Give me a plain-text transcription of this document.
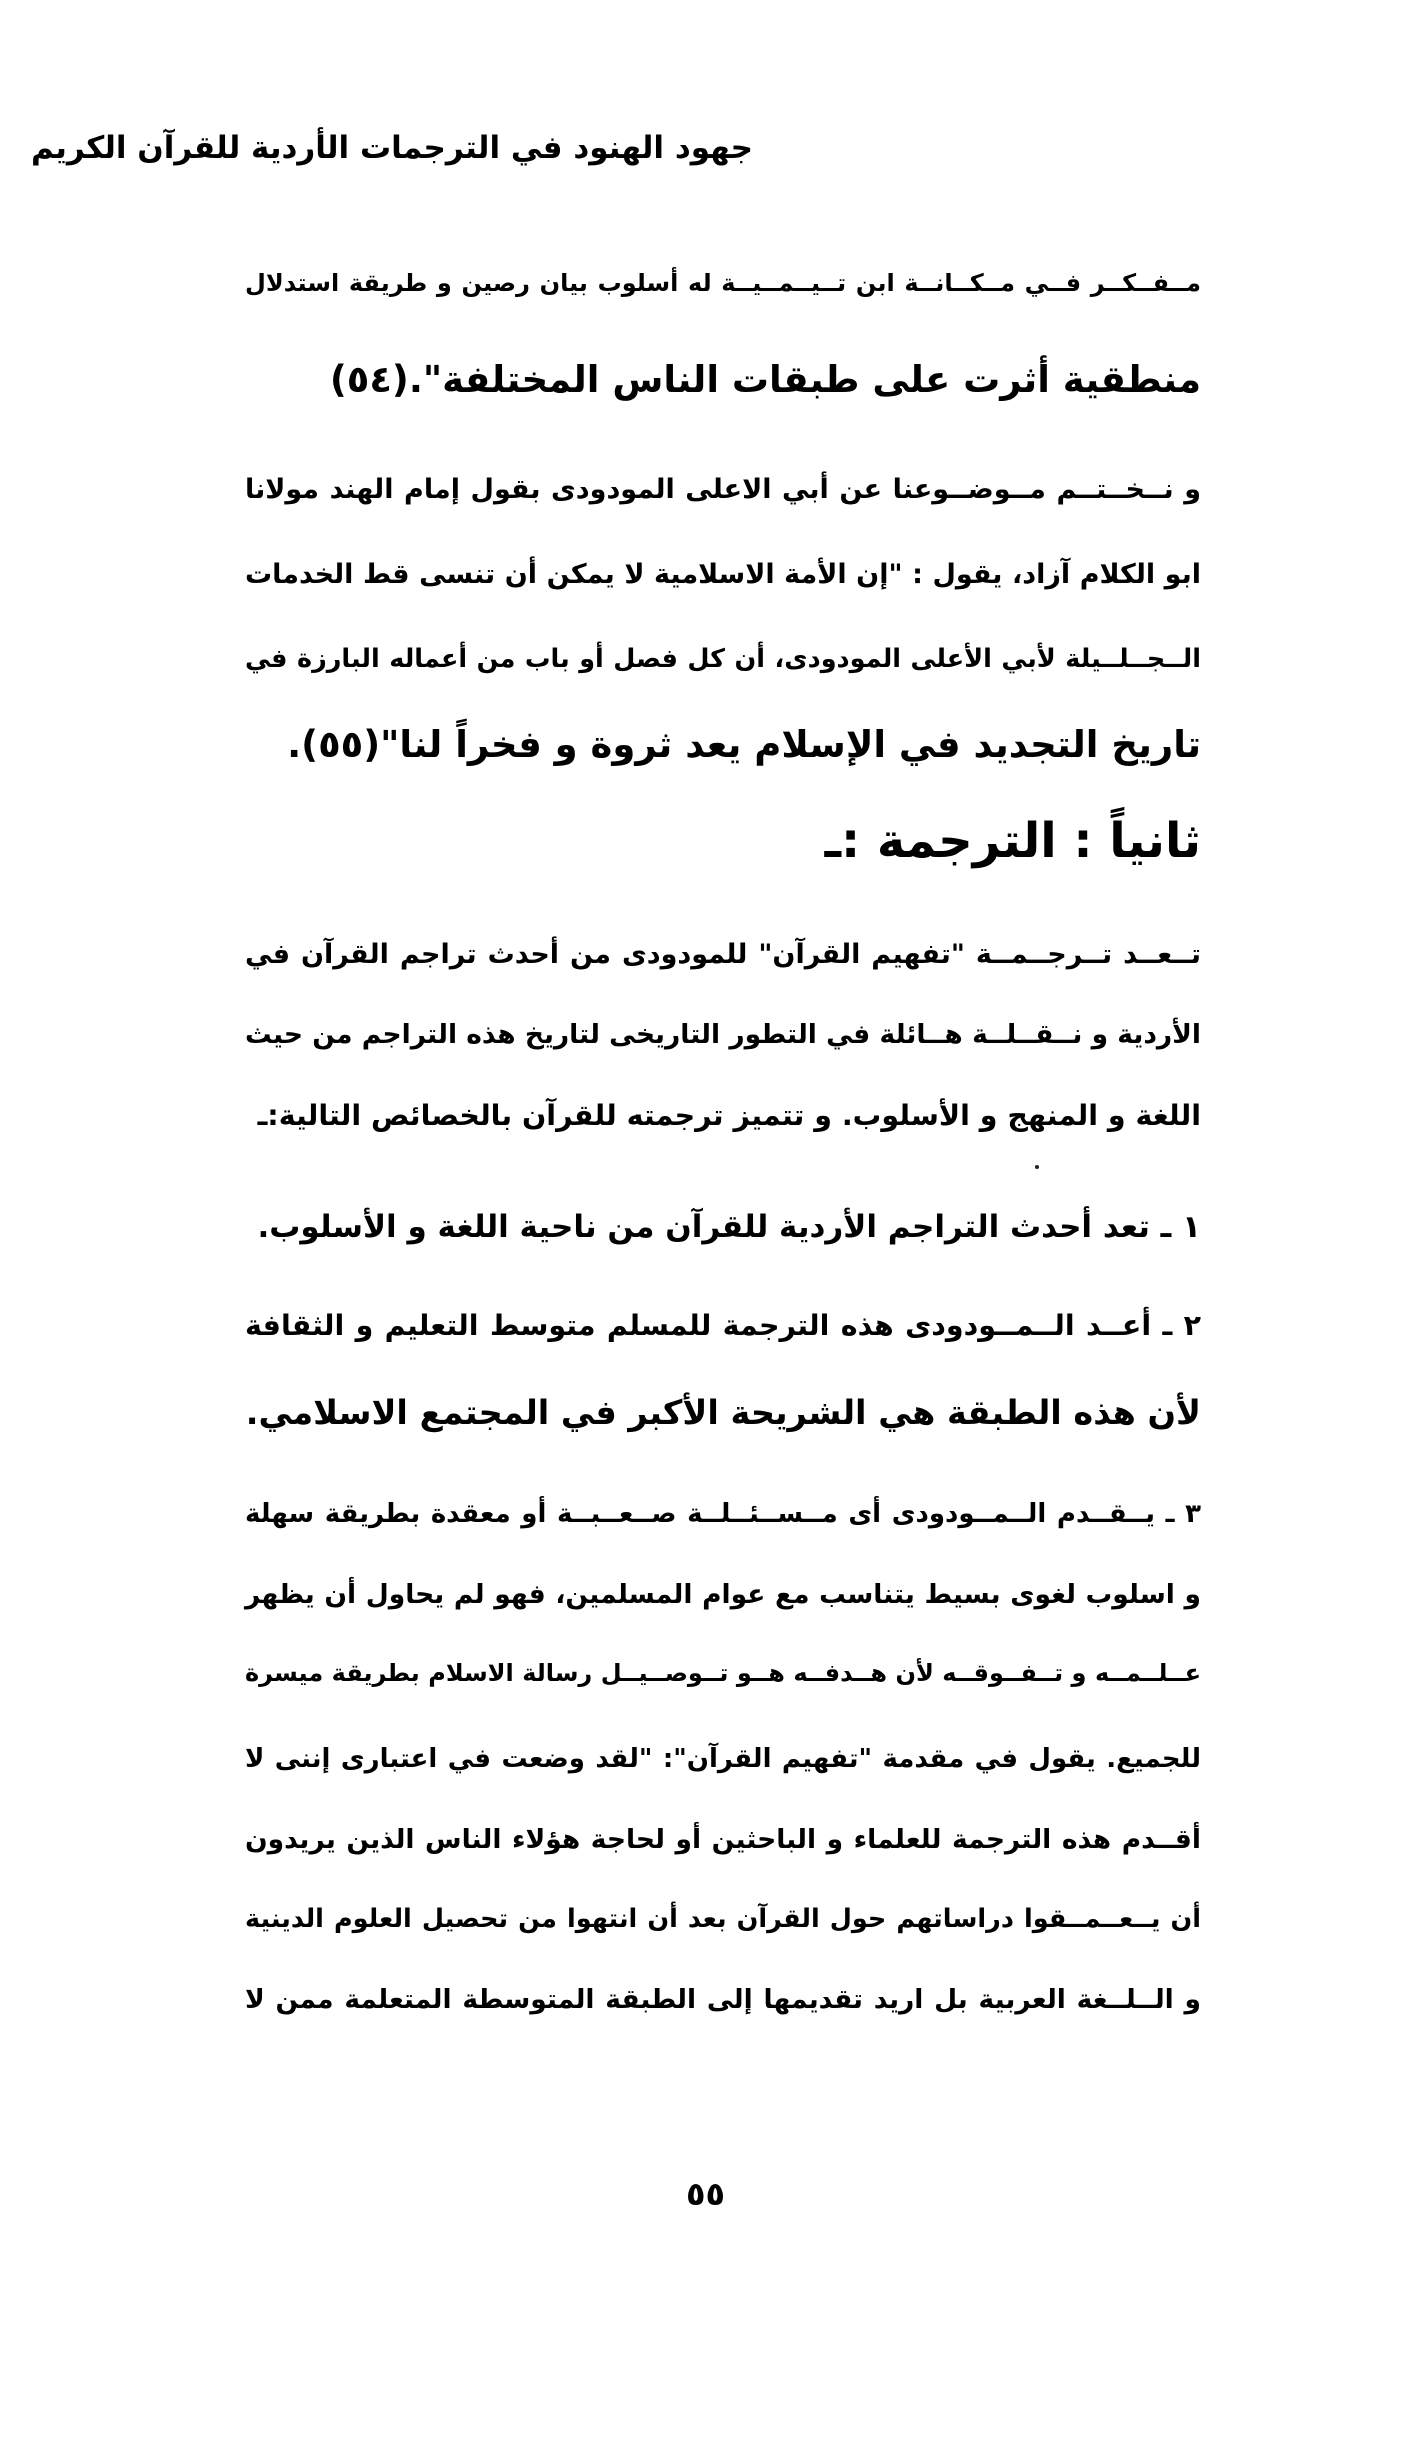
جهود الهنود في الترجمات الأردية للقرآن الكريم
مــفــكــر فــي مــكــانــة ابن تــيــمــيــة له أسلوب بيان رصين و طريقة استدلال
منطقية أثرت على طبقات الناس المختلفة".(٥٤)
و نــخــتــم مــوضــوعنا عن أبي الاعلى المودودى بقول إمام الهند مولانا
ابو الكلام آزاد، يقول : "إن الأمة الاسلامية لا يمكن أن تنسى قط الخدمات
الــجــلــيلة لأبي الأعلى المودودى، أن كل فصل أو باب من أعماله البارزة في
تاريخ التجديد في الإسلام يعد ثروة و فخراً لنا"(٥٥).
ثانياً : الترجمة :ـ
تــعــد تــرجــمــة "تفهيم القرآن" للمودودى من أحدث تراجم القرآن في
الأردية و نــقــلــة هــائلة في التطور التاريخى لتاريخ هذه التراجم من حيث
اللغة و المنهج و الأسلوب. و تتميز ترجمته للقرآن بالخصائص التالية:ـ
١ ـ تعد أحدث التراجم الأردية للقرآن من ناحية اللغة و الأسلوب.
٢ ـ أعــد الــمــودودى هذه الترجمة للمسلم متوسط التعليم و الثقافة
لأن هذه الطبقة هي الشريحة الأكبر في المجتمع الاسلامي.
٣ ـ يــقــدم الــمــودودى أى مــســئــلــة صــعــبــة أو معقدة بطريقة سهلة
و اسلوب لغوى بسيط يتناسب مع عوام المسلمين، فهو لم يحاول أن يظهر
عــلــمــه و تــفــوقــه لأن هــدفــه هــو تــوصــيــل رسالة الاسلام بطريقة ميسرة
للجميع. يقول في مقدمة "تفهيم القرآن": "لقد وضعت في اعتبارى إننى لا
أقــدم هذه الترجمة للعلماء و الباحثين أو لحاجة هؤلاء الناس الذين يريدون
أن يــعــمــقوا دراساتهم حول القرآن بعد أن انتهوا من تحصيل العلوم الدينية
و الــلــغة العربية بل اريد تقديمها إلى الطبقة المتوسطة المتعلمة ممن لا
٥٥
